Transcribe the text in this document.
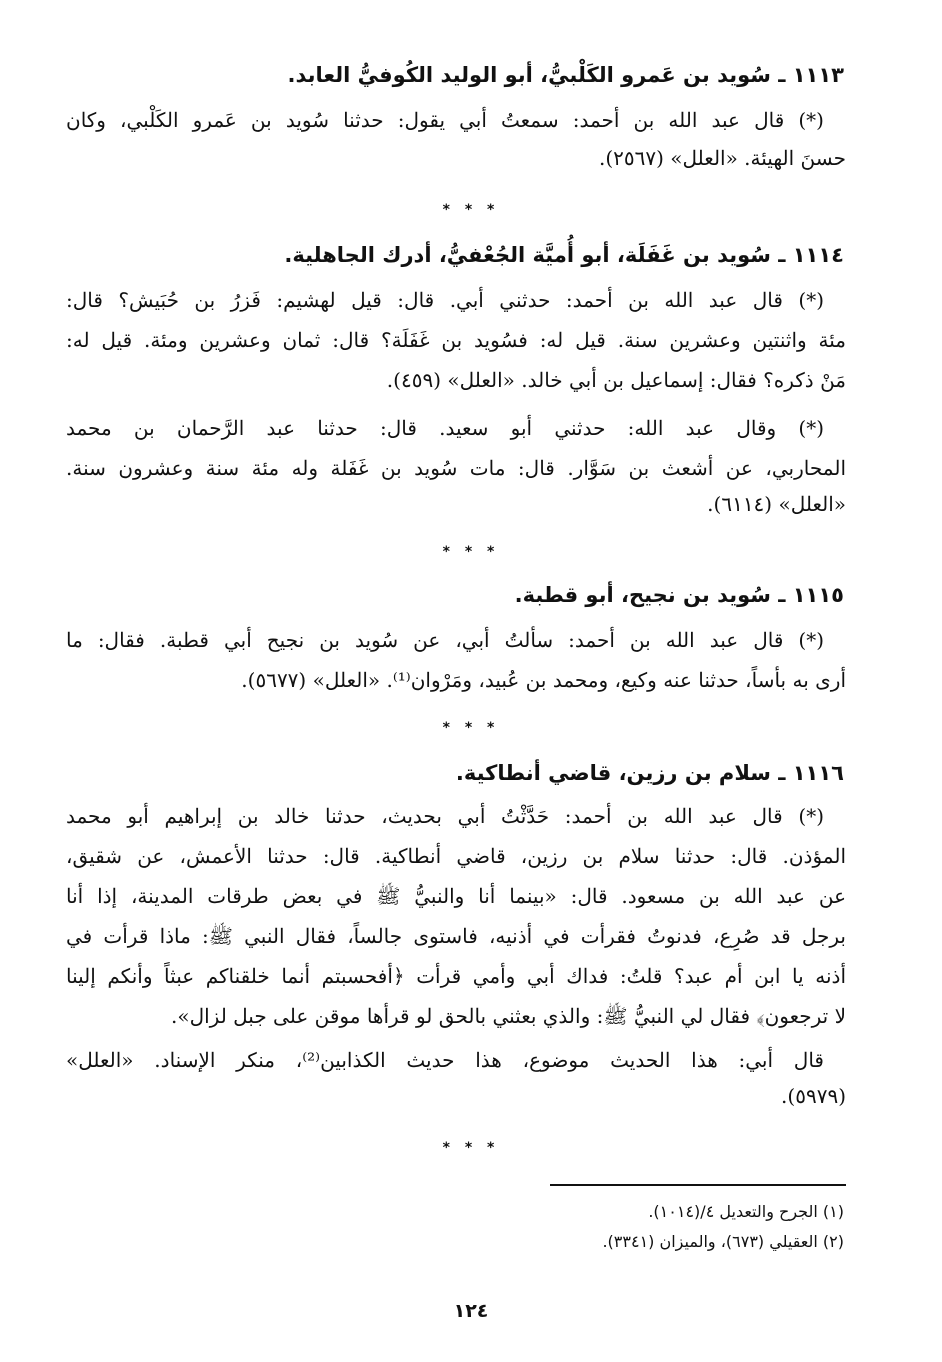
١١١٣ ـ سُويد بن عَمرو الكَلْبيُّ، أبو الوليد الكُوفيُّ العابد.
(*) قال عبد الله بن أحمد: سمعتُ أبي يقول: حدثنا سُويد بن عَمرو الكَلْبي، وكان
حسنَ الهيئة. «العلل» (٢٥٦٧).
* * *
١١١٤ ـ سُويد بن غَفَلَة، أبو أُميَّة الجُعْفيُّ، أدرك الجاهلية.
(*) قال عبد الله بن أحمد: حدثني أبي. قال: قيل لهشيم: فَزرُ بن حُبَيش؟ قال:
مئة واثنتين وعشرين سنة. قيل له: فسُويد بن غَفَلَة؟ قال: ثمان وعشرين ومئة. قيل له:
مَنْ ذكره؟ فقال: إسماعيل بن أبي خالد. «العلل» (٤٥٩).
(*) وقال عبد الله: حدثني أبو سعيد. قال: حدثنا عبد الرَّحمان بن محمد
المحاربي، عن أشعث بن سَوَّار. قال: مات سُويد بن غَفَلة وله مئة سنة وعشرون سنة.
«العلل» (٦١١٤).
* * *
١١١٥ ـ سُويد بن نجيح، أبو قطبة.
(*) قال عبد الله بن أحمد: سألتُ أبي، عن سُويد بن نجيح أبي قطبة. فقال: ما
أرى به بأساً، حدثنا عنه وكيع، ومحمد بن عُبيد، ومَرْوان⁽¹⁾. «العلل» (٥٦٧٧).
* * *
١١١٦ ـ سلام بن رزين، قاضي أنطاكية.
(*) قال عبد الله بن أحمد: حَدَّثْتُ أبي بحديث، حدثنا خالد بن إبراهيم أبو محمد
المؤذن. قال: حدثنا سلام بن رزين، قاضي أنطاكية. قال: حدثنا الأعمش، عن شقيق،
عن عبد الله بن مسعود. قال: «بينما أنا والنبيُّ ﷺ في بعض طرقات المدينة، إذا أنا
برجل قد صُرِع، فدنوتُ فقرأت في أذنيه، فاستوى جالساً، فقال النبي ﷺ: ماذا قرأت في
أذنه يا ابن أم عبد؟ قلتُ: فداك أبي وأمي قرأت ﴿أفحسبتم أنما خلقناكم عبثاً وأنكم إلينا
لا ترجعون﴾ فقال لي النبيُّ ﷺ: والذي بعثني بالحق لو قرأها موقن على جبل لزال».
قال أبي: هذا الحديث موضوع، هذا حديث الكذابين⁽²⁾، منكر الإسناد. «العلل»
(٥٩٧٩).
* * *
(١) الجرح والتعديل ٤/(١٠١٤).
(٢) العقيلي (٦٧٣)، والميزان (٣٣٤١).
١٢٤
